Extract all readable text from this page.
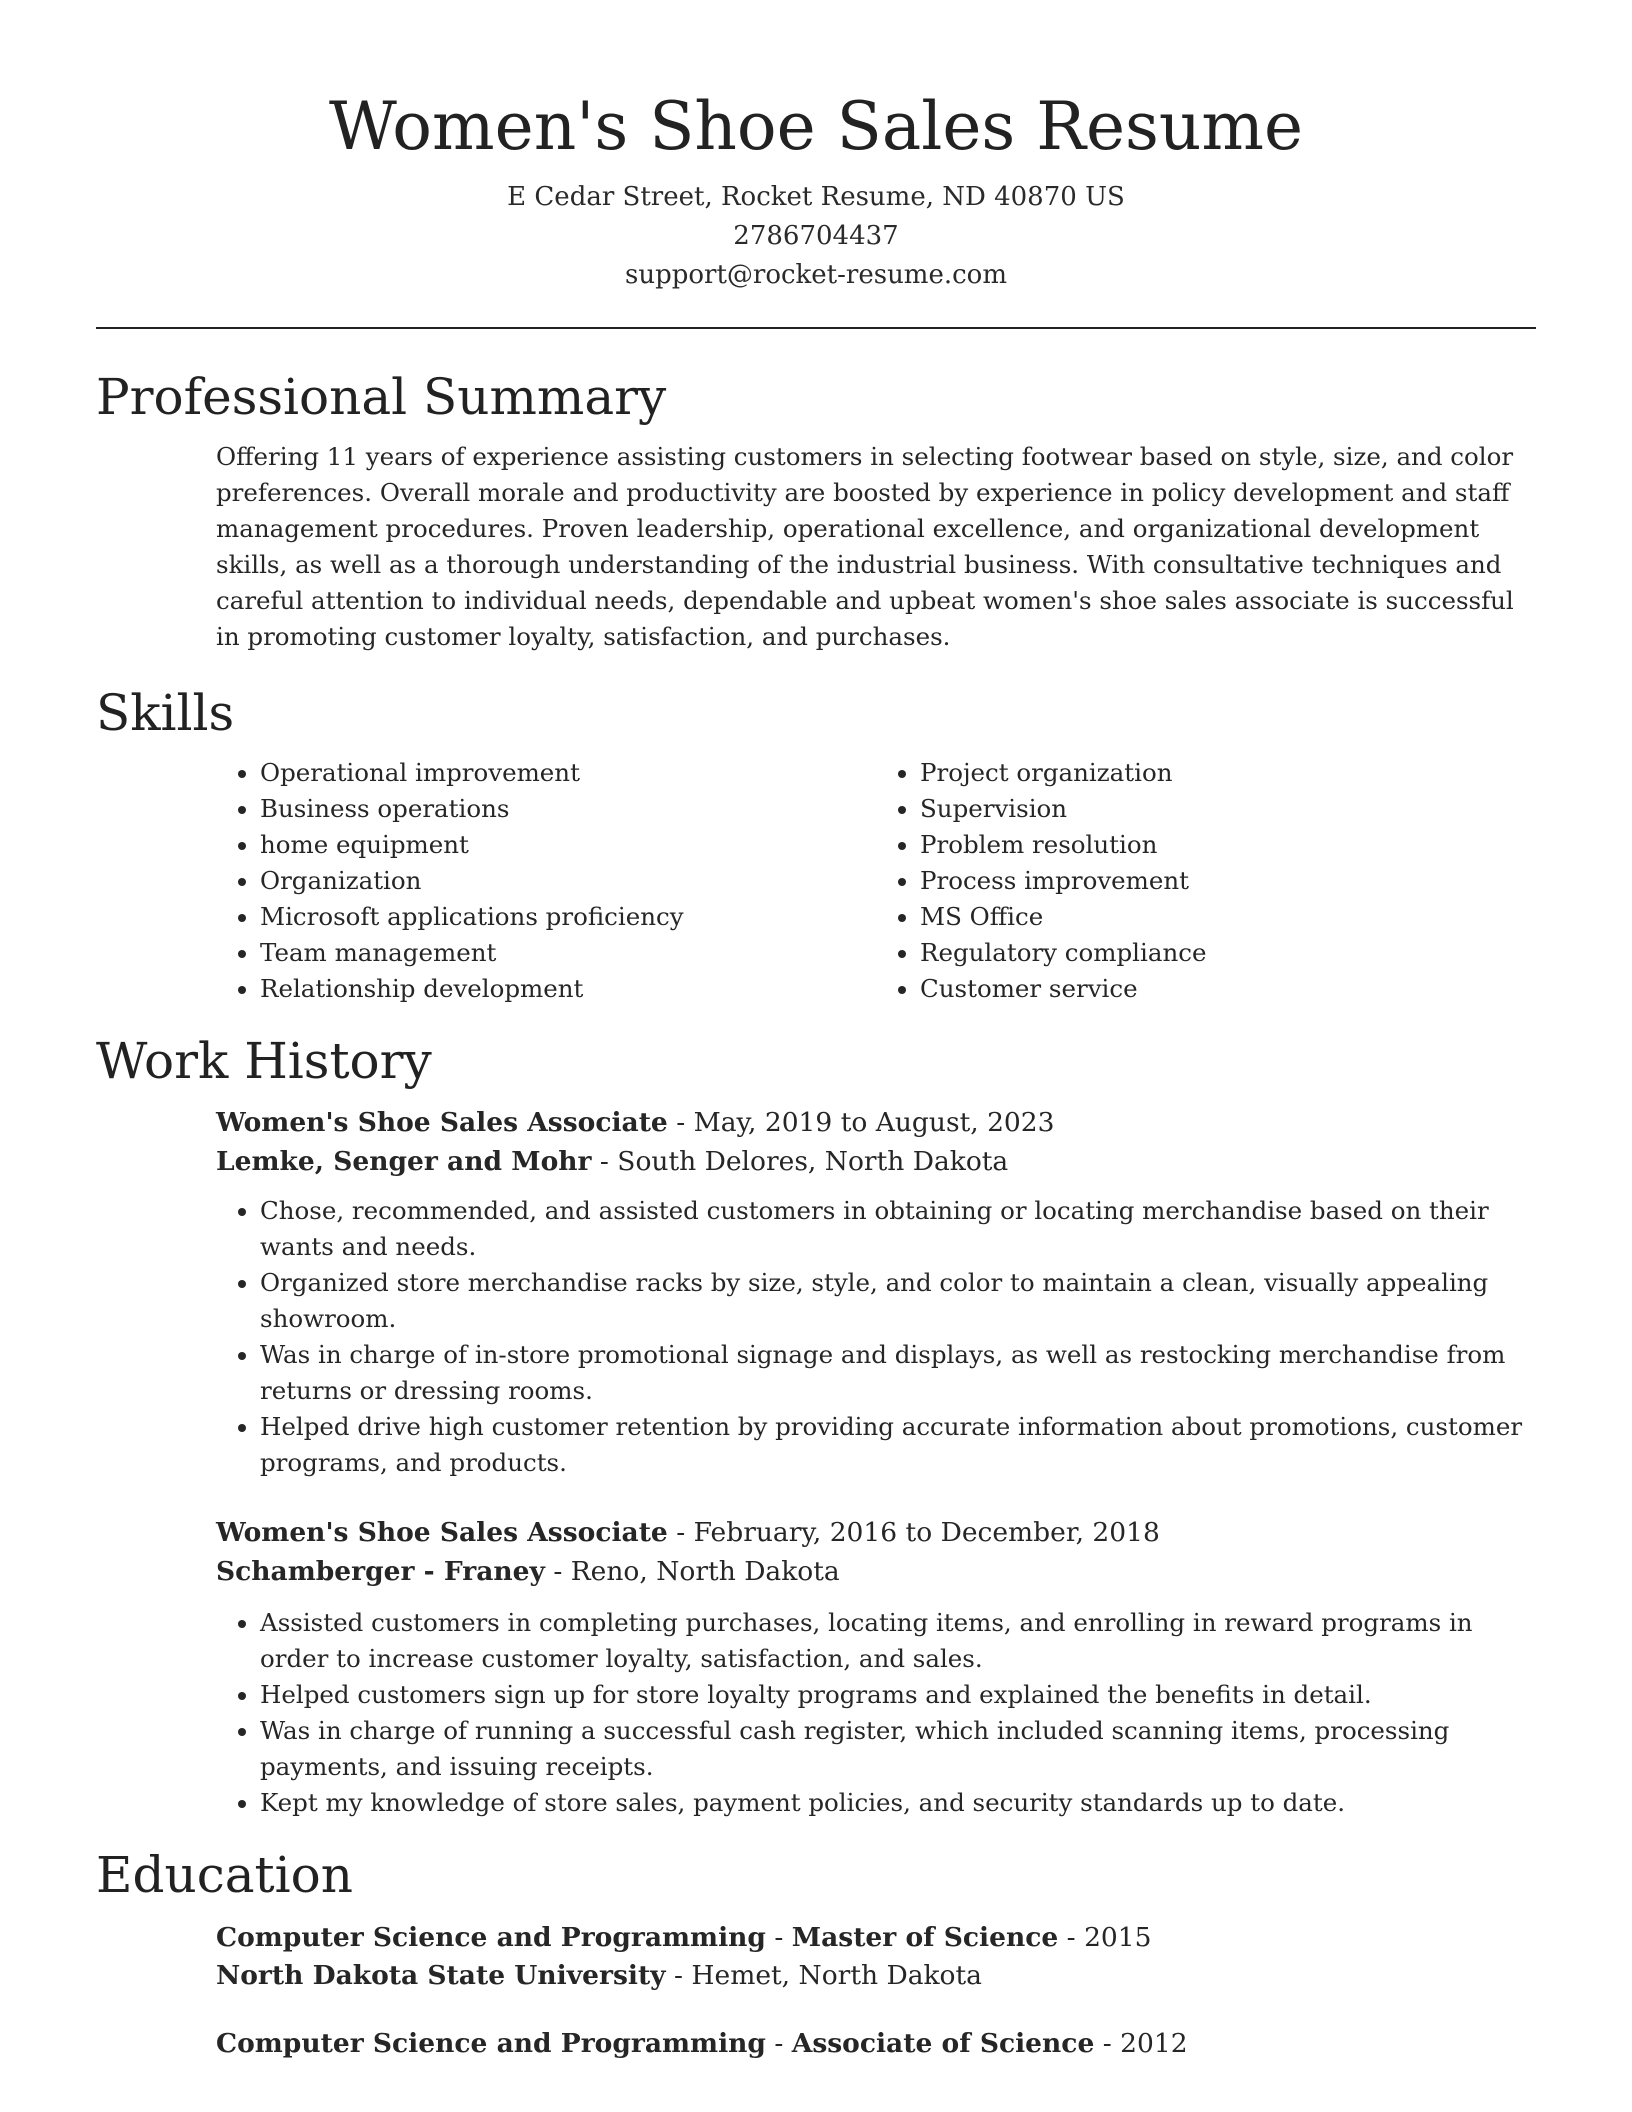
Women's Shoe Sales Resume
E Cedar Street, Rocket Resume, ND 40870 US
2786704437
support@rocket-resume.com
Professional Summary

Offering 11 years of experience assisting customers in selecting footwear based on style, size, and color preferences. Overall morale and productivity are boosted by experience in policy development and staff management procedures. Proven leadership, operational excellence, and organizational development skills, as well as a thorough understanding of the industrial business. With consultative techniques and careful attention to individual needs, dependable and upbeat women's shoe sales associate is successful in promoting customer loyalty, satisfaction, and purchases.

Skills
• Operational improvement
• Business operations
• home equipment
• Organization
• Microsoft applications proficiency
• Team management
• Relationship development
• Project organization
• Supervision
• Problem resolution
• Process improvement
• MS Office
• Regulatory compliance
• Customer service
Work History
Women's Shoe Sales Associate - May, 2019 to August, 2023
Lemke, Senger and Mohr - South Delores, North Dakota
• Chose, recommended, and assisted customers in obtaining or locating merchandise based on their wants and needs.
• Organized store merchandise racks by size, style, and color to maintain a clean, visually appealing showroom.
• Was in charge of in-store promotional signage and displays, as well as restocking merchandise from returns or dressing rooms.
• Helped drive high customer retention by providing accurate information about promotions, customer programs, and products.
Women's Shoe Sales Associate - February, 2016 to December, 2018
Schamberger - Franey - Reno, North Dakota
• Assisted customers in completing purchases, locating items, and enrolling in reward programs in order to increase customer loyalty, satisfaction, and sales.
• Helped customers sign up for store loyalty programs and explained the benefits in detail.
• Was in charge of running a successful cash register, which included scanning items, processing payments, and issuing receipts.
• Kept my knowledge of store sales, payment policies, and security standards up to date.
Education
Computer Science and Programming - Master of Science - 2015
North Dakota State University - Hemet, North Dakota
Computer Science and Programming - Associate of Science - 2012
